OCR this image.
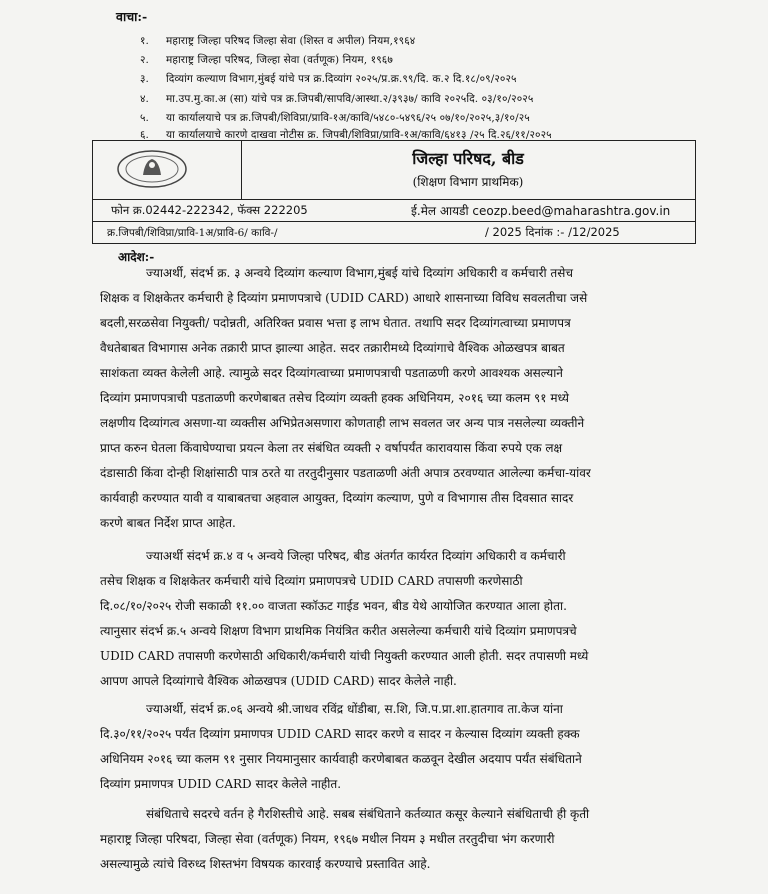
वाचा:-
१. महाराष्ट्र जिल्हा परिषद जिल्हा सेवा (शिस्त व अपील) नियम,१९६४
२. महाराष्ट्र जिल्हा परिषद, जिल्हा सेवा (वर्तणूक) नियम, १९६७
३. दिव्यांग कल्याण विभाग,मुंबई यांचे पत्र क्र.दिव्यांग २०२५/प्र.क्र.९९/दि. क.२ दि.१८/०९/२०२५
४. मा.उप.मु.का.अ (सा) यांचे पत्र क्र.जिपबी/सापवि/आस्था.२/३९३७/ कावि २०२५दि. ०३/१०/२०२५
५. या कार्यालयाचे पत्र क्र.जिपबी/शिविप्रा/प्रावि-१अ/कावि/५४८०-५४९६/२५ ०७/१०/२०२५,३/१०/२५
६. या कार्यालयाचे कारणे दाखवा नोटीस क्र. जिपबी/शिविप्रा/प्रावि-१अ/कावि/६४१३ /२५ दि.२६/११/२०२५
जिल्हा परिषद, बीड
(शिक्षण विभाग प्राथमिक)
फोन क्र.02442-222342, फॅक्स 222205	ई.मेल आयडी ceozp.beed@maharashtra.gov.in
क्र.जिपबी/शिविप्रा/प्रावि-1अ/प्रावि-6/ कावि-/	/ 2025 दिनांक :- /12/2025
आदेश:-
ज्याअर्थी, संदर्भ क्र. ३ अन्वये दिव्यांग कल्याण विभाग,मुंबई यांचे दिव्यांग अधिकारी व कर्मचारी तसेच
शिक्षक व शिक्षकेतर कर्मचारी हे दिव्यांग प्रमाणपत्राचे (UDID CARD) आधारे शासनाच्या विविध सवलतीचा जसे
बदली,सरळसेवा नियुक्ती/ पदोन्नती, अतिरिक्त प्रवास भत्ता इ लाभ घेतात. तथापि सदर दिव्यांगत्वाच्या प्रमाणपत्र
वैधतेबाबत विभागास अनेक तक्रारी प्राप्त झाल्या आहेत. सदर तक्रारीमध्ये दिव्यांगाचे वैश्विक ओळखपत्र बाबत
साशंकता व्यक्त केलेली आहे. त्यामुळे सदर दिव्यांगत्वाच्या प्रमाणपत्राची पडताळणी करणे आवश्यक असल्याने
दिव्यांग प्रमाणपत्राची पडताळणी करणेबाबत तसेच दिव्यांग व्यक्ती हक्क अधिनियम, २०१६ च्या कलम ९१ मध्ये
लक्षणीय दिव्यांगत्व असणा-या व्यक्तीस अभिप्रेतअसणारा कोणताही लाभ सवलत जर अन्य पात्र नसलेल्या व्यक्तीने
प्राप्त करुन घेतला किंवाघेण्याचा प्रयत्न केला तर संबंधित व्यक्ती २ वर्षापर्यंत कारावयास किंवा रुपये एक लक्ष
दंडासाठी किंवा दोन्ही शिक्षांसाठी पात्र ठरते या तरतुदीनुसार पडताळणी अंती अपात्र ठरवण्यात आलेल्या कर्मचा-यांवर
कार्यवाही करण्यात यावी व याबाबतचा अहवाल आयुक्त, दिव्यांग कल्याण, पुणे व विभागास तीस दिवसात सादर
करणे बाबत निर्देश प्राप्त आहेत.
ज्याअर्थी संदर्भ क्र.४ व ५ अन्वये जिल्हा परिषद, बीड अंतर्गत कार्यरत दिव्यांग अधिकारी व कर्मचारी
तसेच शिक्षक व शिक्षकेतर कर्मचारी यांचे दिव्यांग प्रमाणपत्रचे UDID CARD तपासणी करणेसाठी
दि.०८/१०/२०२५ रोजी सकाळी ११.०० वाजता स्कॉऊट गाईड भवन, बीड येथे आयोजित करण्यात आला होता.
त्यानुसार संदर्भ क्र.५ अन्वये शिक्षण विभाग प्राथमिक नियंत्रित करीत असलेल्या कर्मचारी यांचे दिव्यांग प्रमाणपत्रचे
UDID CARD तपासणी करणेसाठी अधिकारी/कर्मचारी यांची नियुक्ती करण्यात आली होती. सदर तपासणी मध्ये
आपण आपले दिव्यांगाचे वैश्विक ओळखपत्र (UDID CARD) सादर केलेले नाही.
ज्याअर्थी, संदर्भ क्र.०६ अन्वये श्री.जाधव रविंद्र धोंडीबा, स.शि, जि.प.प्रा.शा.हातगाव ता.केज यांना
दि.३०/११/२०२५ पर्यंत दिव्यांग प्रमाणपत्र UDID CARD सादर करणे व सादर न केल्यास दिव्यांग व्यक्ती हक्क
अधिनियम २०१६ च्या कलम ९१ नुसार नियमानुसार कार्यवाही करणेबाबत कळवून देखील अदयाप पर्यंत संबंधिताने
दिव्यांग प्रमाणपत्र UDID CARD सादर केलेले नाहीत.
संबंधिताचे सदरचे वर्तन हे गैरशिस्तीचे आहे. सबब संबंधिताने कर्तव्यात कसूर केल्याने संबंधिताची ही कृती
महाराष्ट्र जिल्हा परिषदा, जिल्हा सेवा (वर्तणूक) नियम, १९६७ मधील नियम ३ मधील तरतुदीचा भंग करणारी
असल्यामुळे त्यांचे विरुध्द शिस्तभंग विषयक कारवाई करण्याचे प्रस्तावित आहे.
